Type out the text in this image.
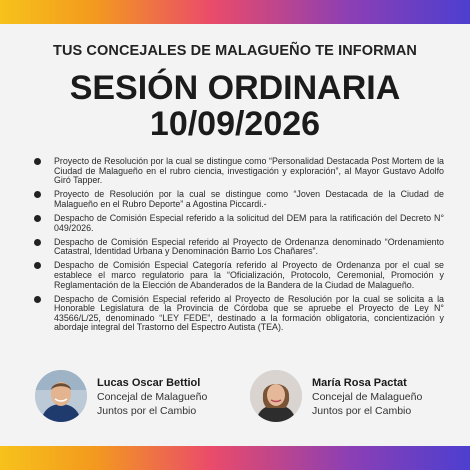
TUS CONCEJALES DE MALAGUEÑO TE INFORMAN
SESIÓN ORDINARIA
10/09/2026
Proyecto de Resolución por la cual se distingue como “Personalidad Destacada Post Mortem de la Ciudad de Malagueño en el rubro ciencia, investigación y exploración”, al Mayor Gustavo Adolfo Giró Tapper.
Proyecto de Resolución por la cual se distingue como “Joven Destacada de la Ciudad de Malagueño en el Rubro Deporte” a Agostina Piccardi.-
Despacho de Comisión Especial referido a la solicitud del DEM para la ratificación del Decreto N° 049/2026.
Despacho de Comisión Especial referido al Proyecto de Ordenanza denominado “Ordenamiento Catastral, Identidad Urbana y Denominación Barrio Los Chañares”.
Despacho de Comisión Especial Categoría referido al Proyecto de Ordenanza por el cual se establece el marco regulatorio para la “Oficialización, Protocolo, Ceremonial, Promoción y Reglamentación de la Elección de Abanderados de la Bandera de la Ciudad de Malagueño.
Despacho de Comisión Especial referido al Proyecto de Resolución por la cual se solicita a la Honorable Legislatura de la Provincia de Córdoba que se apruebe el Proyecto de Ley N° 43566/L/25, denominado “LEY FEDE”, destinado a la formación obligatoria, concientización y abordaje integral del Trastorno del Espectro Autista (TEA).
Lucas Oscar Bettiol
Concejal de Malagueño
Juntos por el Cambio
María Rosa Pactat
Concejal de Malagueño
Juntos por el Cambio
